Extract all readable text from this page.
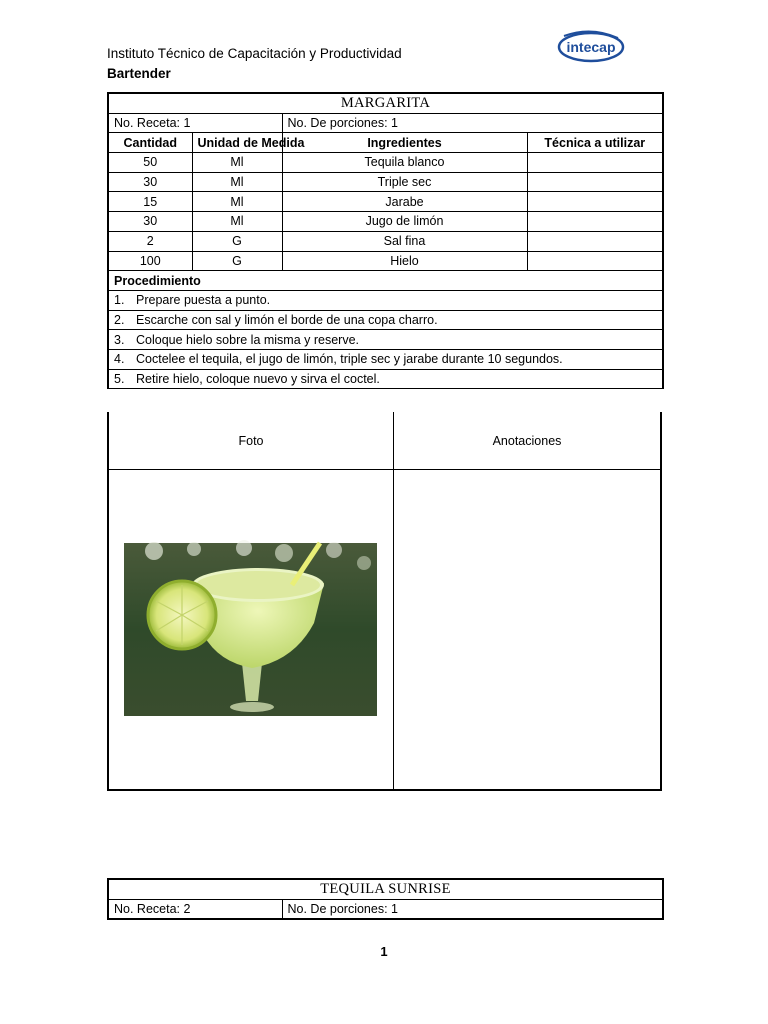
Instituto Técnico de Capacitación y Productividad
Bartender
intecap
MARGARITA			
No. Receta: 1		No. De porciones: 1	
Cantidad	Unidad de Medida	Ingredientes	Técnica a utilizar
50	Ml	Tequila blanco	
30	Ml	Triple sec	
15	Ml	Jarabe	
30	Ml	Jugo de limón	
2	G	Sal fina	
100	G	Hielo	
Procedimiento			
1. Prepare puesta a punto.			
2. Escarche con sal y limón el borde de una copa charro.			
3. Coloque hielo sobre la misma y reserve.			
4. Coctelee el tequila, el jugo de limón, triple sec y jarabe durante 10 segundos.			
5. Retire hielo, coloque nuevo y sirva el coctel.			
Foto	Anotaciones
TEQUILA SUNRISE
No. Receta: 2	No. De porciones: 1
1
